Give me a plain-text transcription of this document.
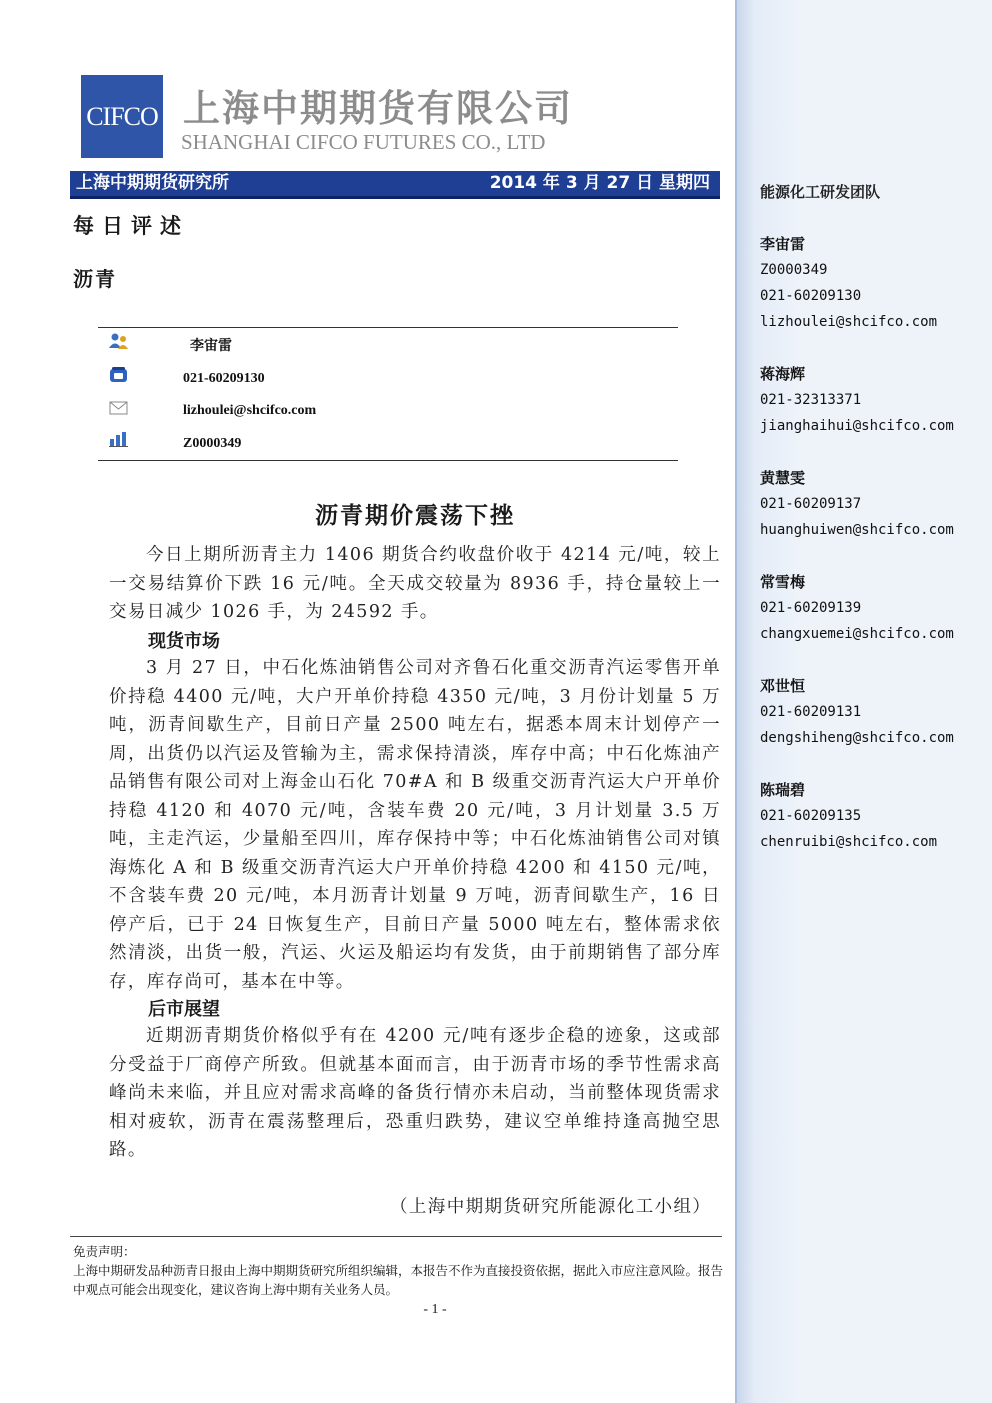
能源化工研发团队
李宙雷
Z0000349
021-60209130
lizhoulei@shcifco.com
蒋海辉
021-32313371
jianghaihui@shcifco.com
黄慧雯
021-60209137
huanghuiwen@shcifco.com
常雪梅
021-60209139
changxuemei@shcifco.com
邓世恒
021-60209131
dengshiheng@shcifco.com
陈瑞碧
021-60209135
chenruibi@shcifco.com
CIFCO 上海中期期货有限公司
SHANGHAI CIFCO FUTURES CO., LTD
上海中期期货研究所	2014 年 3 月 27 日 星期四
每日评述
沥青
李宙雷
021-60209130
lizhoulei@shcifco.com
Z0000349
沥青期价震荡下挫
今日上期所沥青主力 1406 期货合约收盘价收于 4214 元/吨，较上一交易结算价下跌 16 元/吨。全天成交较量为 8936 手，持仓量较上一交易日减少 1026 手，为 24592 手。
现货市场
3 月 27 日，中石化炼油销售公司对齐鲁石化重交沥青汽运零售开单价持稳 4400 元/吨，大户开单价持稳 4350 元/吨，3 月份计划量 5 万吨，沥青间歇生产，目前日产量 2500 吨左右，据悉本周末计划停产一周，出货仍以汽运及管输为主，需求保持清淡，库存中高；中石化炼油产品销售有限公司对上海金山石化 70#A 和 B 级重交沥青汽运大户开单价持稳 4120 和 4070 元/吨，含装车费 20 元/吨，3 月计划量 3.5 万吨，主走汽运，少量船至四川，库存保持中等；中石化炼油销售公司对镇海炼化 A 和 B 级重交沥青汽运大户开单价持稳 4200 和 4150 元/吨，不含装车费 20 元/吨，本月沥青计划量 9 万吨，沥青间歇生产，16 日停产后，已于 24 日恢复生产，目前日产量 5000 吨左右，整体需求依然清淡，出货一般，汽运、火运及船运均有发货，由于前期销售了部分库存，库存尚可，基本在中等。
后市展望
近期沥青期货价格似乎有在 4200 元/吨有逐步企稳的迹象，这或部分受益于厂商停产所致。但就基本面而言，由于沥青市场的季节性需求高峰尚未来临，并且应对需求高峰的备货行情亦未启动，当前整体现货需求相对疲软，沥青在震荡整理后，恐重归跌势，建议空单维持逢高抛空思路。
（上海中期期货研究所能源化工小组）
免责声明：
上海中期研发品种沥青日报由上海中期期货研究所组织编辑，本报告不作为直接投资依据，据此入市应注意风险。报告中观点可能会出现变化，建议咨询上海中期有关业务人员。
- 1 -
